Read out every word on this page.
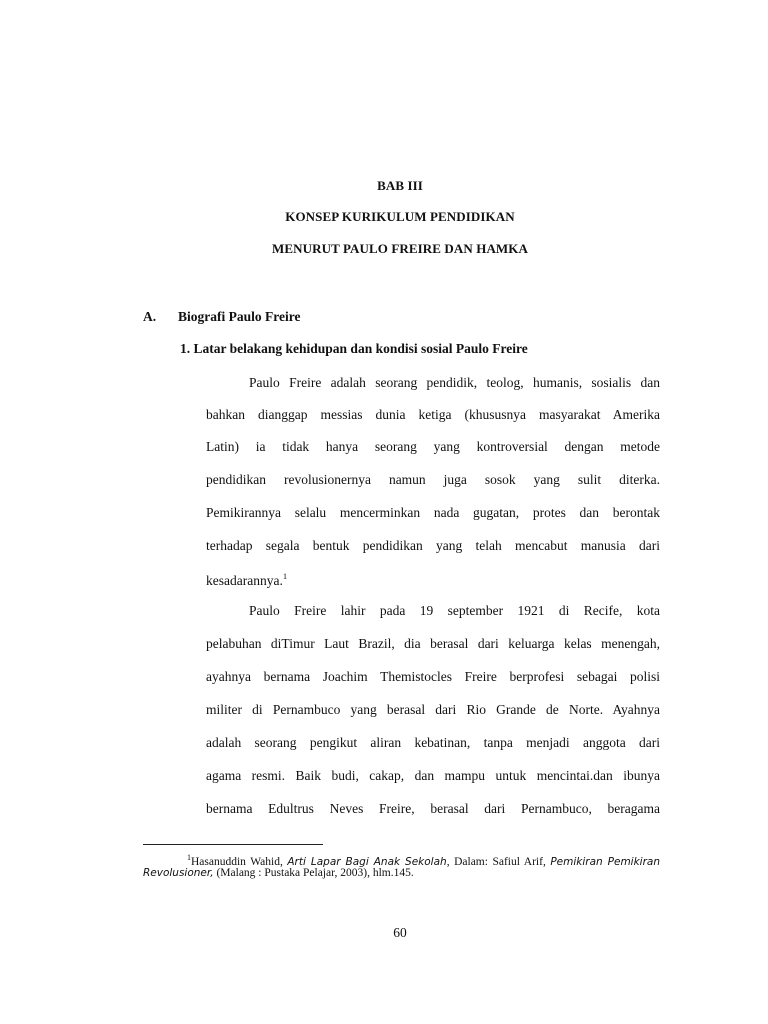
BAB III
KONSEP KURIKULUM PENDIDIKAN
MENURUT PAULO FREIRE DAN HAMKA
A. Biografi Paulo Freire
1. Latar belakang kehidupan dan kondisi sosial Paulo Freire
Paulo Freire adalah seorang pendidik, teolog, humanis, sosialis dan
bahkan dianggap messias dunia ketiga (khususnya masyarakat Amerika
Latin) ia tidak hanya seorang yang kontroversial dengan metode
pendidikan revolusionernya namun juga sosok yang sulit diterka.
Pemikirannya selalu mencerminkan nada gugatan, protes dan berontak
terhadap segala bentuk pendidikan yang telah mencabut manusia dari
kesadarannya.$^1$
Paulo Freire lahir pada 19 september 1921 di Recife, kota
pelabuhan diTimur Laut Brazil, dia berasal dari keluarga kelas menengah,
ayahnya bernama Joachim Themistocles Freire berprofesi sebagai polisi
militer di Pernambuco yang berasal dari Rio Grande de Norte. Ayahnya
adalah seorang pengikut aliran kebatinan, tanpa menjadi anggota dari
agama resmi. Baik budi, cakap, dan mampu untuk mencintai.dan ibunya
bernama Edultrus Neves Freire, berasal dari Pernambuco, beragama
$^1$Hasanuddin Wahid, Arti Lapar Bagi Anak Sekolah, Dalam: Safiul Arif, Pemikiran Pemikiran
Revolusioner, (Malang : Pustaka Pelajar, 2003), hlm.145.
60
